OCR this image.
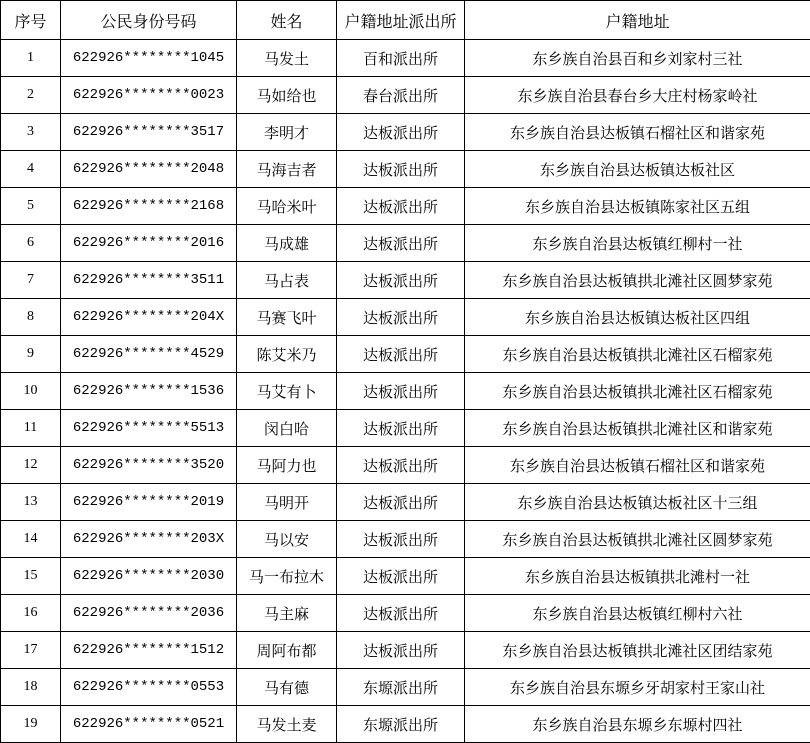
序号	公民身份号码	姓名	户籍地址派出所	户籍地址
1	622926********1045	马发土	百和派出所	东乡族自治县百和乡刘家村三社
2	622926********0023	马如给也	春台派出所	东乡族自治县春台乡大庄村杨家岭社
3	622926********3517	李明才	达板派出所	东乡族自治县达板镇石榴社区和谐家苑
4	622926********2048	马海吉者	达板派出所	东乡族自治县达板镇达板社区
5	622926********2168	马哈米叶	达板派出所	东乡族自治县达板镇陈家社区五组
6	622926********2016	马成雄	达板派出所	东乡族自治县达板镇红柳村一社
7	622926********3511	马占表	达板派出所	东乡族自治县达板镇拱北滩社区圆梦家苑
8	622926********204X	马赛飞叶	达板派出所	东乡族自治县达板镇达板社区四组
9	622926********4529	陈艾米乃	达板派出所	东乡族自治县达板镇拱北滩社区石榴家苑
10	622926********1536	马艾有卜	达板派出所	东乡族自治县达板镇拱北滩社区石榴家苑
11	622926********5513	闵白哈	达板派出所	东乡族自治县达板镇拱北滩社区和谐家苑
12	622926********3520	马阿力也	达板派出所	东乡族自治县达板镇石榴社区和谐家苑
13	622926********2019	马明开	达板派出所	东乡族自治县达板镇达板社区十三组
14	622926********203X	马以安	达板派出所	东乡族自治县达板镇拱北滩社区圆梦家苑
15	622926********2030	马一布拉木	达板派出所	东乡族自治县达板镇拱北滩村一社
16	622926********2036	马主麻	达板派出所	东乡族自治县达板镇红柳村六社
17	622926********1512	周阿布都	达板派出所	东乡族自治县达板镇拱北滩社区团结家苑
18	622926********0553	马有德	东塬派出所	东乡族自治县东塬乡牙胡家村王家山社
19	622926********0521	马发土麦	东塬派出所	东乡族自治县东塬乡东塬村四社
